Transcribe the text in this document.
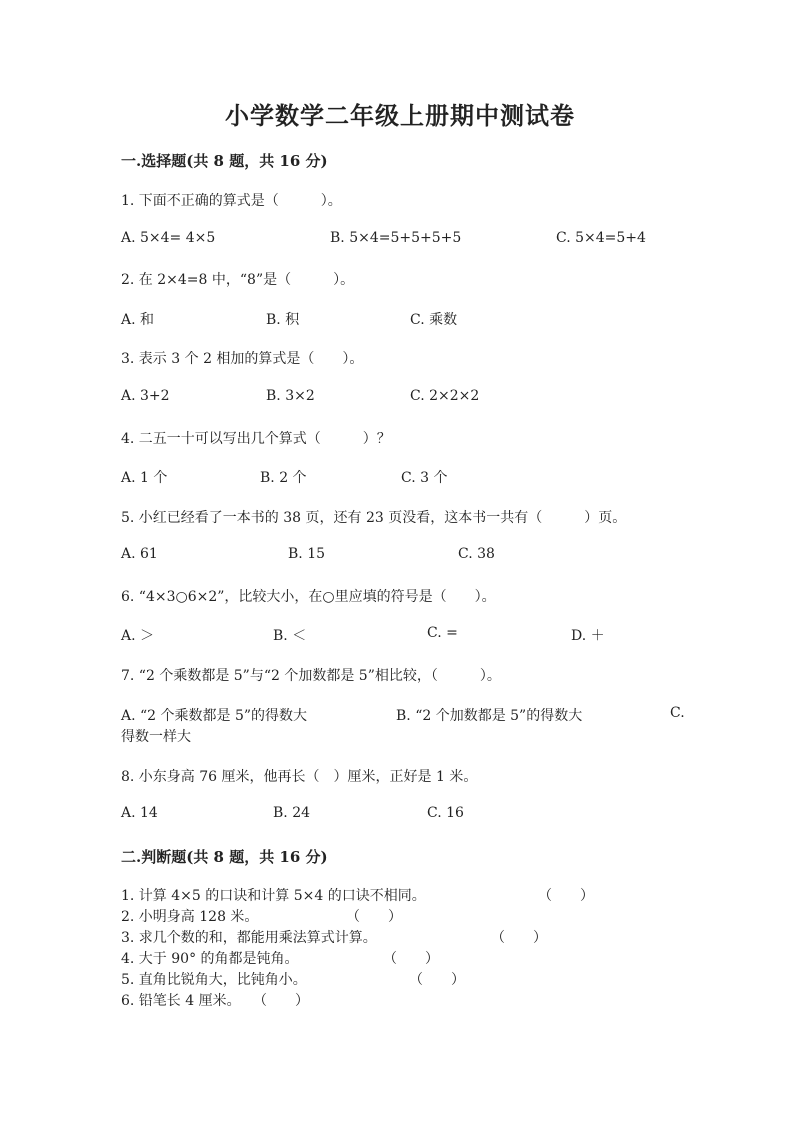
小学数学二年级上册期中测试卷
一.选择题(共 8 题，共 16 分)
1. 下面不正确的算式是（　　　）。
A. 5×4= 4×5	B. 5×4=5+5+5+5	C. 5×4=5+4
2. 在 2×4=8 中，“8”是（　　　）。
A. 和	B. 积	C. 乘数
3. 表示 3 个 2 相加的算式是（　　）。
A. 3+2	B. 3×2	C. 2×2×2
4. 二五一十可以写出几个算式（　　　）？
A. 1 个	B. 2 个	C. 3 个
5. 小红已经看了一本书的 38 页，还有 23 页没看，这本书一共有（　　　）页。
A. 61	B. 15	C. 38
6. “4×3○6×2”，比较大小，在○里应填的符号是（　　）。
A. ＞	B. ＜	C. =	D. ＋
7. “2 个乘数都是 5”与“2 个加数都是 5”相比较，（　　　）。
A. “2 个乘数都是 5”的得数大	B. “2 个加数都是 5”的得数大	C.
得数一样大
8. 小东身高 76 厘米，他再长（　）厘米，正好是 1 米。
A. 14	B. 24	C. 16
二.判断题(共 8 题，共 16 分)
1. 计算 4×5 的口诀和计算 5×4 的口诀不相同。	（　　）
2. 小明身高 128 米。	（　　）
3. 求几个数的和，都能用乘法算式计算。	（　　）
4. 大于 90° 的角都是钝角。	（　　）
5. 直角比锐角大，比钝角小。	（　　）
6. 铅笔长 4 厘米。 （　　）
